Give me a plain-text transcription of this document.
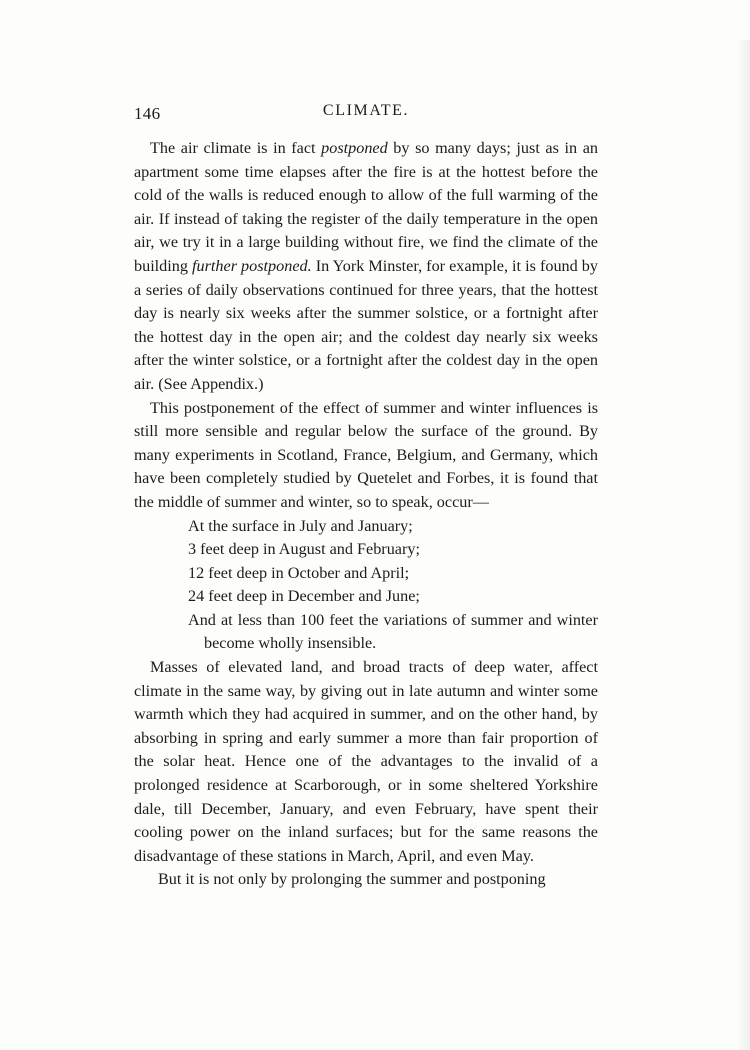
146	CLIMATE.

The air climate is in fact postponed by so many days; just as in an apartment some time elapses after the fire is at the hottest before the cold of the walls is reduced enough to allow of the full warming of the air. If instead of taking the register of the daily temperature in the open air, we try it in a large building without fire, we find the climate of the building further postponed. In York Minster, for example, it is found by a series of daily observations continued for three years, that the hottest day is nearly six weeks after the summer solstice, or a fortnight after the hottest day in the open air; and the coldest day nearly six weeks after the winter solstice, or a fortnight after the coldest day in the open air. (See Appendix.)

This postponement of the effect of summer and winter influences is still more sensible and regular below the surface of the ground. By many experiments in Scotland, France, Belgium, and Germany, which have been completely studied by Quetelet and Forbes, it is found that the middle of summer and winter, so to speak, occur—

At the surface in July and January;
3 feet deep in August and February;
12 feet deep in October and April;
24 feet deep in December and June;
And at less than 100 feet the variations of summer and winter become wholly insensible.

Masses of elevated land, and broad tracts of deep water, affect climate in the same way, by giving out in late autumn and winter some warmth which they had acquired in summer, and on the other hand, by absorbing in spring and early summer a more than fair proportion of the solar heat. Hence one of the advantages to the invalid of a prolonged residence at Scarborough, or in some sheltered Yorkshire dale, till December, January, and even February, have spent their cooling power on the inland surfaces; but for the same reasons the disadvantage of these stations in March, April, and even May.

But it is not only by prolonging the summer and postponing
